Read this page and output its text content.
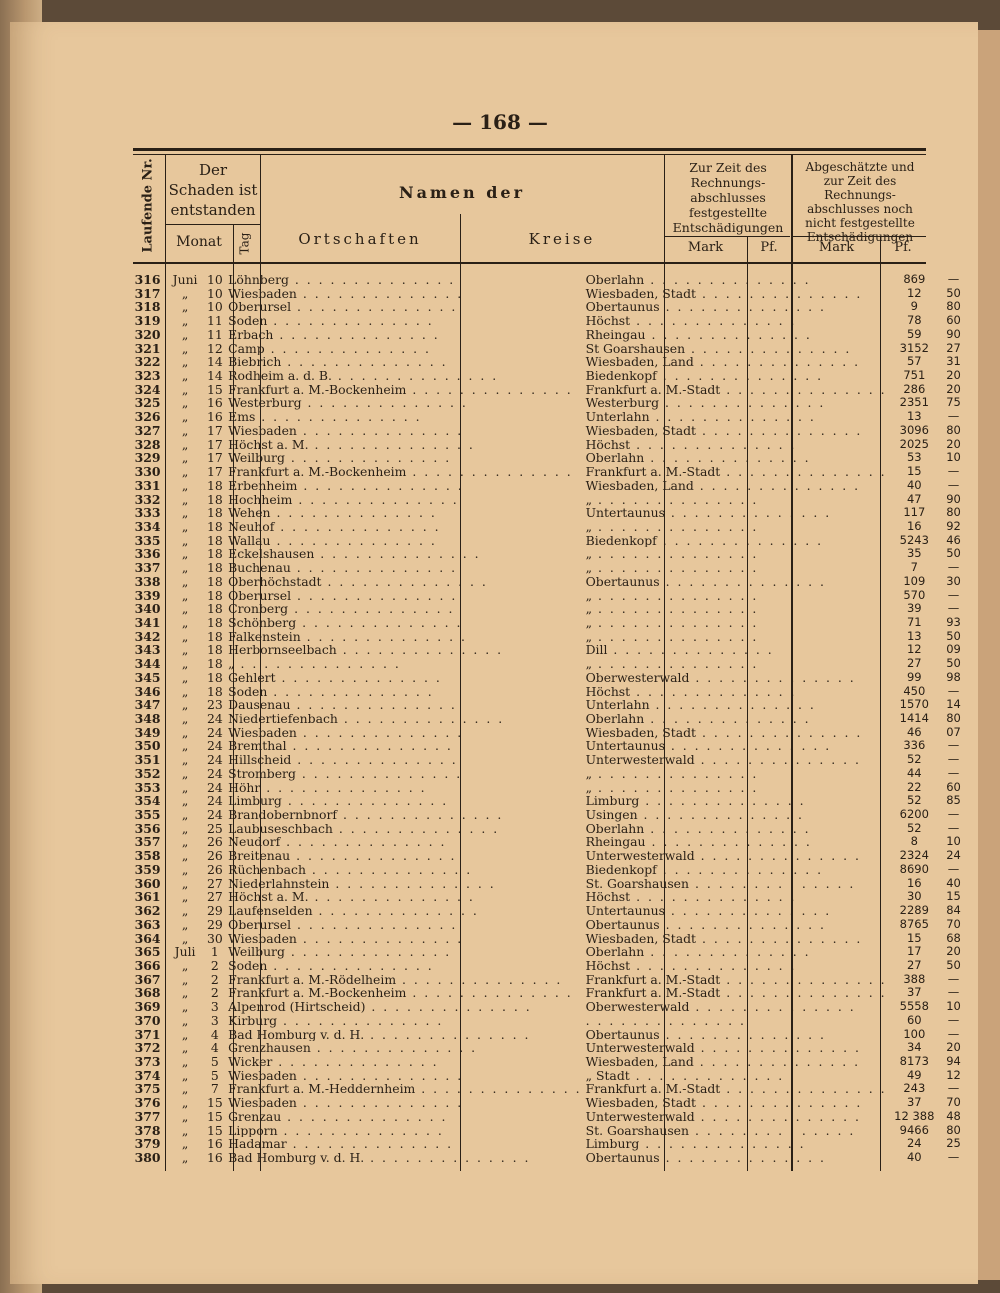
— 168 —
Laufende Nr.	Der Schaden ist entstanden
Monat	Tag
Namen der
Ortschaften	Kreise
Zur Zeit des Rechnungs- abschlusses festgestellte Entschädigungen
Abgeschätzte und zur Zeit des Rechnungs- abschlusses noch nicht festgestellte Entschädigungen
Mark	Pf.	Mark	Pf.
316	Juni	10	Löhnberg . . . . . . . . . . . . . .	Oberlahn . . . . . . . . . . . . . .	869	—		
317	„	10	Wiesbaden . . . . . . . . . . . . . .	Wiesbaden, Stadt . . . . . . . . . . . . . .	12	50		
318	„	10	Oberursel . . . . . . . . . . . . . .	Obertaunus . . . . . . . . . . . . . .	9	80		
319	„	11	Soden . . . . . . . . . . . . . .	Höchst . . . . . . . . . . . . . .	78	60		
320	„	11	Erbach . . . . . . . . . . . . . .	Rheingau . . . . . . . . . . . . . .	59	90		
321	„	12	Camp . . . . . . . . . . . . . .	St Goarshausen . . . . . . . . . . . . . .	3152	27		
322	„	14	Biebrich . . . . . . . . . . . . . .	Wiesbaden, Land . . . . . . . . . . . . . .	57	31		
323	„	14	Rodheim a. d. B. . . . . . . . . . . . . . .	Biedenkopf . . . . . . . . . . . . . .	751	20		
324	„	15	Frankfurt a. M.-Bockenheim . . . . . . . . . . . . . .	Frankfurt a. M.-Stadt . . . . . . . . . . . . . .	286	20		
325	„	16	Westerburg . . . . . . . . . . . . . .	Westerburg . . . . . . . . . . . . . .	2351	75		
326	„	16	Ems . . . . . . . . . . . . . .	Unterlahn . . . . . . . . . . . . . .	13	—		
327	„	17	Wiesbaden . . . . . . . . . . . . . .	Wiesbaden, Stadt . . . . . . . . . . . . . .	3096	80		
328	„	17	Höchst a. M. . . . . . . . . . . . . . .	Höchst . . . . . . . . . . . . . .	2025	20		
329	„	17	Weilburg . . . . . . . . . . . . . .	Oberlahn . . . . . . . . . . . . . .	53	10		
330	„	17	Frankfurt a. M.-Bockenheim . . . . . . . . . . . . . .	Frankfurt a. M.-Stadt . . . . . . . . . . . . . .	15	—		
331	„	18	Erbenheim . . . . . . . . . . . . . .	Wiesbaden, Land . . . . . . . . . . . . . .	40	—		
332	„	18	Hochheim . . . . . . . . . . . . . .	„ . . . . . . . . . . . . . .	47	90		
333	„	18	Wehen . . . . . . . . . . . . . .	Untertaunus . . . . . . . . . . . . . .	117	80		
334	„	18	Neuhof . . . . . . . . . . . . . .	„ . . . . . . . . . . . . . .	16	92		
335	„	18	Wallau . . . . . . . . . . . . . .	Biedenkopf . . . . . . . . . . . . . .	5243	46		
336	„	18	Eckelshausen . . . . . . . . . . . . . .	„ . . . . . . . . . . . . . .	35	50		
337	„	18	Buchenau . . . . . . . . . . . . . .	„ . . . . . . . . . . . . . .	7	—		
338	„	18	Oberhöchstadt . . . . . . . . . . . . . .	Obertaunus . . . . . . . . . . . . . .	109	30		
339	„	18	Oberursel . . . . . . . . . . . . . .	„ . . . . . . . . . . . . . .	570	—		
340	„	18	Cronberg . . . . . . . . . . . . . .	„ . . . . . . . . . . . . . .	39	—		
341	„	18	Schönberg . . . . . . . . . . . . . .	„ . . . . . . . . . . . . . .	71	93		
342	„	18	Falkenstein . . . . . . . . . . . . . .	„ . . . . . . . . . . . . . .	13	50		
343	„	18	Herbornseelbach . . . . . . . . . . . . . .	Dill . . . . . . . . . . . . . .	12	09		
344	„	18	„ . . . . . . . . . . . . . .	„ . . . . . . . . . . . . . .	27	50		
345	„	18	Gehlert . . . . . . . . . . . . . .	Oberwesterwald . . . . . . . . . . . . . .	99	98		
346	„	18	Soden . . . . . . . . . . . . . .	Höchst . . . . . . . . . . . . . .	450	—		
347	„	23	Dausenau . . . . . . . . . . . . . .	Unterlahn . . . . . . . . . . . . . .	1570	14		
348	„	24	Niedertiefenbach . . . . . . . . . . . . . .	Oberlahn . . . . . . . . . . . . . .	1414	80		
349	„	24	Wiesbaden . . . . . . . . . . . . . .	Wiesbaden, Stadt . . . . . . . . . . . . . .	46	07		
350	„	24	Bremthal . . . . . . . . . . . . . .	Untertaunus . . . . . . . . . . . . . .	336	—		
351	„	24	Hillscheid . . . . . . . . . . . . . .	Unterwesterwald . . . . . . . . . . . . . .	52	—		
352	„	24	Stromberg . . . . . . . . . . . . . .	„ . . . . . . . . . . . . . .	44	—		
353	„	24	Höhr . . . . . . . . . . . . . .	„ . . . . . . . . . . . . . .	22	60		
354	„	24	Limburg . . . . . . . . . . . . . .	Limburg . . . . . . . . . . . . . .	52	85		
355	„	24	Brandobernbnorf . . . . . . . . . . . . . .	Usingen . . . . . . . . . . . . . .	6200	—		
356	„	25	Laubuseschbach . . . . . . . . . . . . . .	Oberlahn . . . . . . . . . . . . . .	52	—		
357	„	26	Neudorf . . . . . . . . . . . . . .	Rheingau . . . . . . . . . . . . . .	8	10		
358	„	26	Breitenau . . . . . . . . . . . . . .	Unterwesterwald . . . . . . . . . . . . . .	2324	24		
359	„	26	Rüchenbach . . . . . . . . . . . . . .	Biedenkopf . . . . . . . . . . . . . .	8690	—		
360	„	27	Niederlahnstein . . . . . . . . . . . . . .	St. Goarshausen . . . . . . . . . . . . . .	16	40		
361	„	27	Höchst a. M. . . . . . . . . . . . . . .	Höchst . . . . . . . . . . . . . .	30	15		
362	„	29	Laufenselden . . . . . . . . . . . . . .	Untertaunus . . . . . . . . . . . . . .	2289	84		
363	„	29	Oberursel . . . . . . . . . . . . . .	Obertaunus . . . . . . . . . . . . . .	8765	70		
364	„	30	Wiesbaden . . . . . . . . . . . . . .	Wiesbaden, Stadt . . . . . . . . . . . . . .	15	68		
365	Juli	1	Weilburg . . . . . . . . . . . . . .	Oberlahn . . . . . . . . . . . . . .	17	20		
366	„	2	Soden . . . . . . . . . . . . . .	Höchst . . . . . . . . . . . . . .	27	50		
367	„	2	Frankfurt a. M.-Rödelheim . . . . . . . . . . . . . .	Frankfurt a. M.-Stadt . . . . . . . . . . . . . .	388	—		
368	„	2	Frankfurt a. M.-Bockenheim . . . . . . . . . . . . . .	Frankfurt a. M.-Stadt . . . . . . . . . . . . . .	37	—		
369	„	3	Alpenrod (Hirtscheid) . . . . . . . . . . . . . .	Oberwesterwald . . . . . . . . . . . . . .	5558	10		
370	„	3	Kirburg . . . . . . . . . . . . . .	. . . . . . . . . . . . . .	60	—		
371	„	4	Bad Homburg v. d. H. . . . . . . . . . . . . . .	Obertaunus . . . . . . . . . . . . . .	100	—		
372	„	4	Grenzhausen . . . . . . . . . . . . . .	Unterwesterwald . . . . . . . . . . . . . .	34	20		
373	„	5	Wicker . . . . . . . . . . . . . .	Wiesbaden, Land . . . . . . . . . . . . . .	8173	94		
374	„	5	Wiesbaden . . . . . . . . . . . . . .	„ Stadt . . . . . . . . . . . . . .	49	12		
375	„	7	Frankfurt a. M.-Heddernheim . . . . . . . . . . . . . .	Frankfurt a. M.-Stadt . . . . . . . . . . . . . .	243	—		
376	„	15	Wiesbaden . . . . . . . . . . . . . .	Wiesbaden, Stadt . . . . . . . . . . . . . .	37	70		
377	„	15	Grenzau . . . . . . . . . . . . . .	Unterwesterwald . . . . . . . . . . . . . .	12 388	48		
378	„	15	Lipporn . . . . . . . . . . . . . .	St. Goarshausen . . . . . . . . . . . . . .	9466	80		
379	„	16	Hadamar . . . . . . . . . . . . . .	Limburg . . . . . . . . . . . . . .	24	25		
380	„	16	Bad Homburg v. d. H. . . . . . . . . . . . . . .	Obertaunus . . . . . . . . . . . . . .	40	—		
